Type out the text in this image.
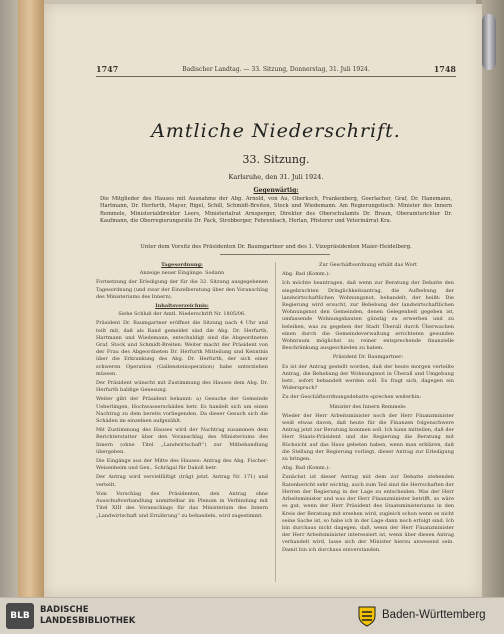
1747	Badischer Landtag. — 33. Sitzung, Donnerstag, 31. Juli 1924.	1748
Amtliche Niederschrift.
33. Sitzung.
Karlsruhe, den 31. Juli 1924.
Gegenwärtig:
Die Mitglieder des Hauses mit Ausnahme der Abg. Arnold, von Au, Oberkoch, Frankenberg, Goerlacher, Graf, Dr. Hanemann, Hartmann, Dr. Herfurth, Mayer, Rigel, Schill, Schmidt-Breiten, Stock und Wiedemann. Am Regierungstisch: Minister des Innern Remmele, Ministerialdirektor Leers, Ministerialrat Arnsperger, Direktor des Oberschulamts Dr. Braun, Oberamtsrichter Dr. Kaufmann, die Oberregierungsräte Dr. Pack, Strobberger, Fehrenbach, Herlan, Pfisterer und Veterinärrat Kra.
Unter dem Vorsitz des Präsidenten Dr. Baumgartner und des 1. Vizepräsidenten Maier-Heidelberg.
Tagesordnung:

Anzeige neuer Eingänge. Sodann

Fortsetzung der Erledigung der für die 32. Sitzung ausgegebenen Tagesordnung (und zwar der Einzelberatung über den Voranschlag des Ministeriums des Innern).

Inhaltsverzeichnis:

Siehe Schluß der Amtl. Niederschrift Nr. 1805/06.

Präsident Dr. Baumgartner eröffnet die Sitzung nach 4 Uhr und teilt mit, daß als Rand gemeldet sind die Abg. Dr. Herfurth, Hartmann und Wiedemann, entschuldigt sind die Abgeordneten Graf, Stock und Schmidt-Breiten. Weiter macht der Präsident von der Frau des Abgeordneten Dr. Herfurth Mitteilung und Kenntnis über die Erkrankung des Abg. Dr. Herfurth, der sich einer schweren Operation (Gallensteinoperation) habe unterziehen müssen.

Der Präsident wünscht mit Zustimmung des Hauses dem Abg. Dr. Herfurth baldige Genesung.

Weiter gibt der Präsident bekannt: a) Gesuche der Gemeinde Ueberlingen, Hochwasserschäden betr. Es handelt sich um einen Nachtrag zu dem bereits vorliegenden. Da dieser Gesuch sich die Schäden im einzelnen aufgezählt.

Mit Zustimmung des Hauses wird der Nachtrag zusammen dem Berichterstatter über den Voranschlag des Ministeriums des Innern (ohne Titel „Landwirtschaft“) zur Mitbehandlung übergeben.

Die Eingänge aus der Mitte des Hauses: Antrag des Abg. Fischer-Weisenheim und Gen., Schrägal für Dakoll betr.

Der Antrag wird vervielfältigt (trägt jetzt. Antrag Nr. 171) und verteilt.

Vom Vorschlag des Präsidenten, den Antrag ohne Ausschußverhandlung unmittelbar im Plenum in Verbindung mit Titel XIII des Voranschlags für das Ministerium des Innern „Landwirtschaft und Ernährung“ zu behandeln, wird zugestimmt.

Zur Geschäftsordnung erhält das Wort

Abg. Bad (Komm.):

Ich möchte beantragen, daß wenn zur Beratung der Debatte den eingebrachten Dringlichkeitsantrag, die Aufhebung der landwirtschaftlichen Wohnungsnot, behandelt, der heißt: Die Regierung wird ersucht, zur Behebung der landwirtschaftlichen Wohnungsnot den Gemeinden, denen Gelegenheit gegeben ist, umfassende Wohnungsbauten günstig zu erwerben und zu beleihen, was zu gegeben der Stadt Überall durch Überwachen einen durch die Gemeindeverwaltung errichteten gesunden Wohnraum möglichst zu reiner entsprechende finanzielle Beschränkung ausgeschieden zu haben.

Präsident Dr. Baumgartner:

Es ist der Antrag gestellt worden, daß der heute morgen verteilte Antrag, die Behebung der Wohnungsnot in Überall und Umgebung betr., sofort behandelt werden soll. Es fragt sich, dagegen ein Widerspruch?

Zu der Geschäftsordnungsdebatte sprechen weiterhin:

Minister des Innern Remmele:

Wieder der Herr Arbeitsminister noch der Herr Finanzminister weiß etwas davon, daß heute für die Finanzen folgenschwere Antrag jetzt zur Beratung kommen soll. Ich kann mitteilen, daß der Herr Staats-Präsident und die Regierung die Beratung mit Rücksicht auf das Haus gebeten haben, wenn man erklären, daß die Stellung der Regierung vorliegt, dieser Antrag zur Erledigung zu bringen.

Abg. Bad (Komm.):

Zunächst ist dieser Antrag mit dem zur Debatte stehenden Ratenbericht sehr wichtig, auch zum Teil sind die Herrschaften der Herren der Regierung in der Lage zu entscheiden. Was der Herr Arbeitsminister und was der Herr Finanzminister betrifft, so wäre es gut, wenn der Herr Präsident des Staatsministeriums in den Kreis der Beratung mit ersehen wird, zugleich schon wenn es nicht seine Sache ist, so habe ich in der Lage dann noch erfolgt sind. Ich bin durchaus nicht dagegen, daß, wenn der Herr Finanzminister der Herr Arbeitsminister interessiert ist, wenn über diesen Antrag verhandelt wird, lasse sich der Minister hierzu anwesend sein. Damit bin ich durchaus einverstanden.

BLB
BADISCHE
LANDESBIBLIOTHEK	Baden-Württemberg
